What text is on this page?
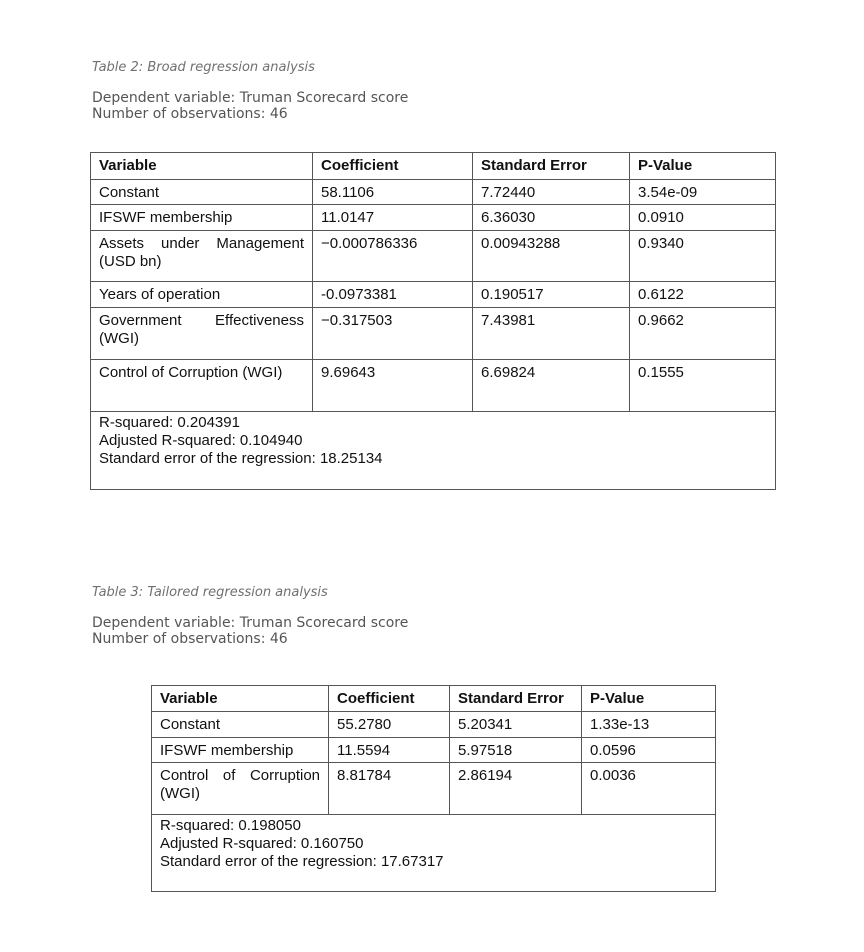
Table 2: Broad regression analysis
Dependent variable: Truman Scorecard score
Number of observations: 46
Variable	Coefficient	Standard Error	P-Value
Constant	58.1106	7.72440	3.54e-09
IFSWF membership	11.0147	6.36030	0.0910
Assets under Management (USD bn)	−0.000786336	0.00943288	0.9340
Years of operation	-0.0973381	0.190517	0.6122
Government Effectiveness (WGI)	−0.317503	7.43981	0.9662
Control of Corruption (WGI)	9.69643	6.69824	0.1555

R-squared: 0.204391
Adjusted R-squared: 0.104940
Standard error of the regression: 18.25134			
Table 3: Tailored regression analysis
Dependent variable: Truman Scorecard score
Number of observations: 46
Variable	Coefficient	Standard Error	P-Value
Constant	55.2780	5.20341	1.33e-13
IFSWF membership	11.5594	5.97518	0.0596
Control of Corruption (WGI)	8.81784	2.86194	0.0036

R-squared: 0.198050
Adjusted R-squared: 0.160750
Standard error of the regression: 17.67317			
